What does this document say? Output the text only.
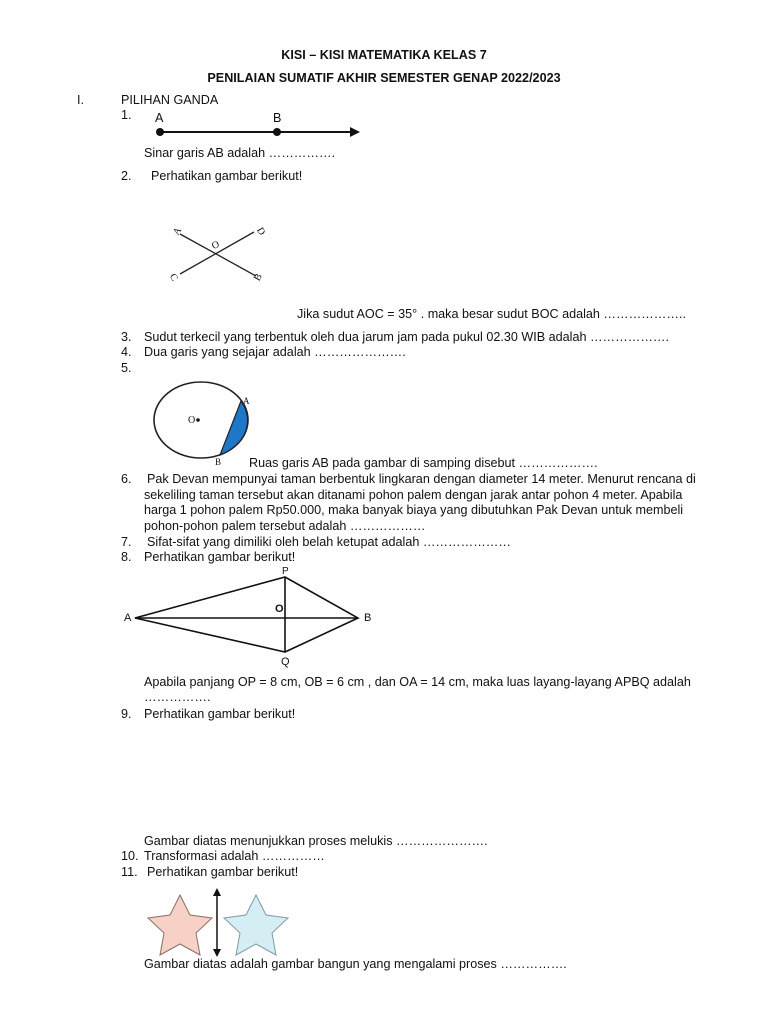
KISI – KISI MATEMATIKA KELAS 7
PENILAIAN SUMATIF AKHIR SEMESTER GENAP 2022/2023
I.	PILIHAN GANDA
1. A	B
Sinar garis AB adalah …………….
2. Perhatikan gambar berikut!
A	D
O
C	B
Jika sudut AOC = 35° . maka besar sudut BOC adalah ………………..
3. Sudut terkecil yang terbentuk oleh dua jarum jam pada pukul 02.30 WIB adalah ……………….
4. Dua garis yang sejajar adalah ………………….
5.
O
A
B Ruas garis AB pada gambar di samping disebut ……………….
6. Pak Devan mempunyai taman berbentuk lingkaran dengan diameter 14 meter. Menurut rencana di
sekeliling taman tersebut akan ditanami pohon palem dengan jarak antar pohon 4 meter. Apabila
harga 1 pohon palem Rp50.000, maka banyak biaya yang dibutuhkan Pak Devan untuk membeli
pohon-pohon palem tersebut adalah ………………
7. Sifat-sifat yang dimiliki oleh belah ketupat adalah …………………
8. Perhatikan gambar berikut!
P
A
O
B
Q
Apabila panjang OP = 8 cm, OB = 6 cm , dan OA = 14 cm, maka luas layang-layang APBQ adalah
…………….
9. Perhatikan gambar berikut!
Gambar diatas menunjukkan proses melukis ………………….
10. Transformasi adalah ……………
11. Perhatikan gambar berikut!
Gambar diatas adalah gambar bangun yang mengalami proses …………….
